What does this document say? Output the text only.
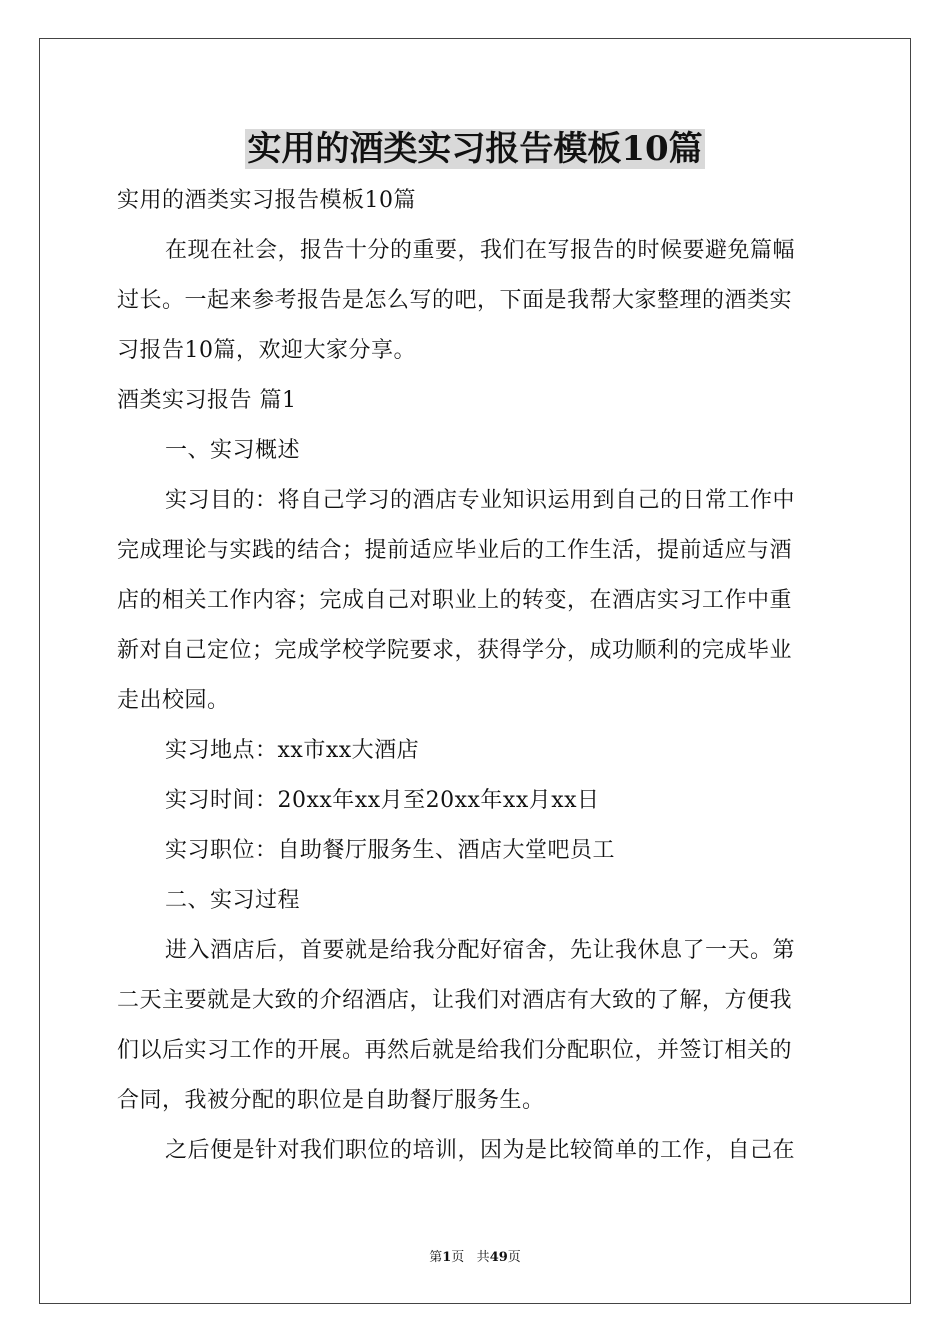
实用的酒类实习报告模板10篇

实用的酒类实习报告模板10篇

在现在社会，报告十分的重要，我们在写报告的时候要避免篇幅

过长。一起来参考报告是怎么写的吧，下面是我帮大家整理的酒类实

习报告10篇，欢迎大家分享。

酒类实习报告 篇1

一、实习概述

实习目的：将自己学习的酒店专业知识运用到自己的日常工作中

完成理论与实践的结合；提前适应毕业后的工作生活，提前适应与酒

店的相关工作内容；完成自己对职业上的转变，在酒店实习工作中重

新对自己定位；完成学校学院要求，获得学分，成功顺利的完成毕业

走出校园。

实习地点：xx市xx大酒店

实习时间：20xx年xx月至20xx年xx月xx日

实习职位：自助餐厅服务生、酒店大堂吧员工

二、实习过程

进入酒店后，首要就是给我分配好宿舍，先让我休息了一天。第

二天主要就是大致的介绍酒店，让我们对酒店有大致的了解，方便我

们以后实习工作的开展。再然后就是给我们分配职位，并签订相关的

合同，我被分配的职位是自助餐厅服务生。

之后便是针对我们职位的培训，因为是比较简单的工作，自己在

第1页 共49页
